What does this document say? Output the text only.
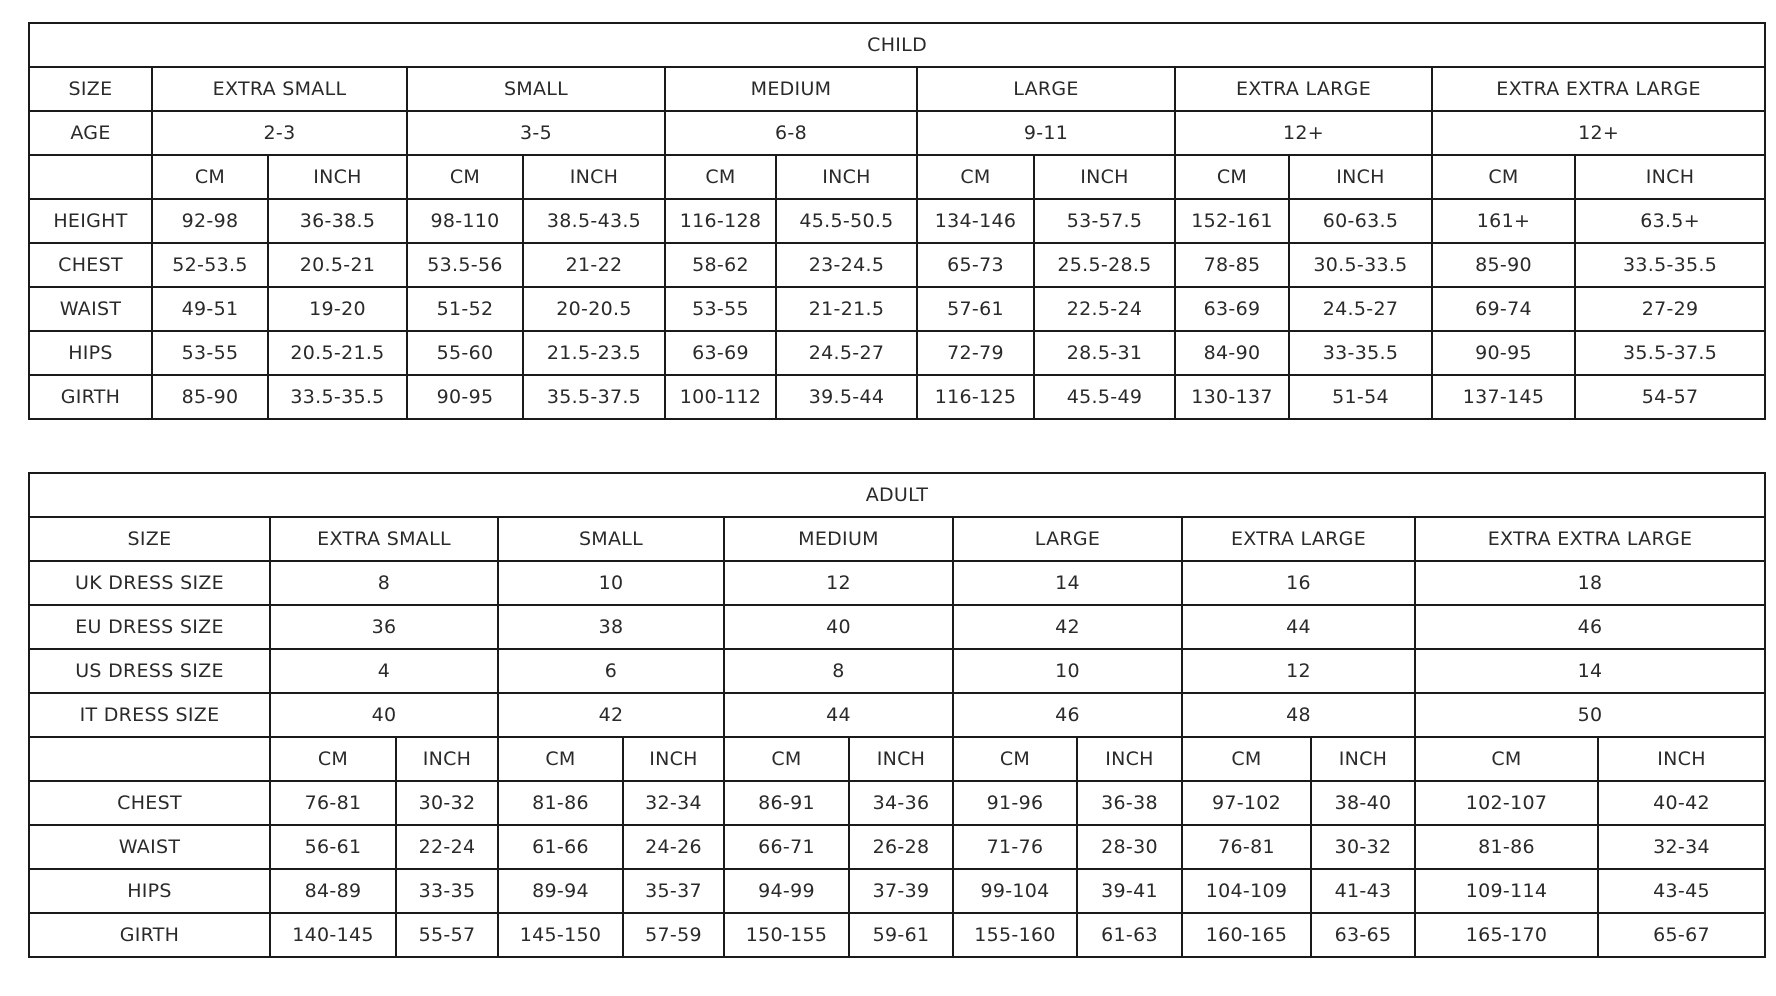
CHILD												
SIZE	EXTRA SMALL		SMALL		MEDIUM		LARGE		EXTRA LARGE		EXTRA EXTRA LARGE	
AGE	2-3		3-5		6-8		9-11		12+		12+	
	CM	INCH	CM	INCH	CM	INCH	CM	INCH	CM	INCH	CM	INCH
HEIGHT	92-98	36-38.5	98-110	38.5-43.5	116-128	45.5-50.5	134-146	53-57.5	152-161	60-63.5	161+	63.5+
CHEST	52-53.5	20.5-21	53.5-56	21-22	58-62	23-24.5	65-73	25.5-28.5	78-85	30.5-33.5	85-90	33.5-35.5
WAIST	49-51	19-20	51-52	20-20.5	53-55	21-21.5	57-61	22.5-24	63-69	24.5-27	69-74	27-29
HIPS	53-55	20.5-21.5	55-60	21.5-23.5	63-69	24.5-27	72-79	28.5-31	84-90	33-35.5	90-95	35.5-37.5
GIRTH	85-90	33.5-35.5	90-95	35.5-37.5	100-112	39.5-44	116-125	45.5-49	130-137	51-54	137-145	54-57
ADULT												
SIZE	EXTRA SMALL		SMALL		MEDIUM		LARGE		EXTRA LARGE		EXTRA EXTRA LARGE	
UK DRESS SIZE	8		10		12		14		16		18	
EU DRESS SIZE	36		38		40		42		44		46	
US DRESS SIZE	4		6		8		10		12		14	
IT DRESS SIZE	40		42		44		46		48		50	
	CM	INCH	CM	INCH	CM	INCH	CM	INCH	CM	INCH	CM	INCH
CHEST	76-81	30-32	81-86	32-34	86-91	34-36	91-96	36-38	97-102	38-40	102-107	40-42
WAIST	56-61	22-24	61-66	24-26	66-71	26-28	71-76	28-30	76-81	30-32	81-86	32-34
HIPS	84-89	33-35	89-94	35-37	94-99	37-39	99-104	39-41	104-109	41-43	109-114	43-45
GIRTH	140-145	55-57	145-150	57-59	150-155	59-61	155-160	61-63	160-165	63-65	165-170	65-67
